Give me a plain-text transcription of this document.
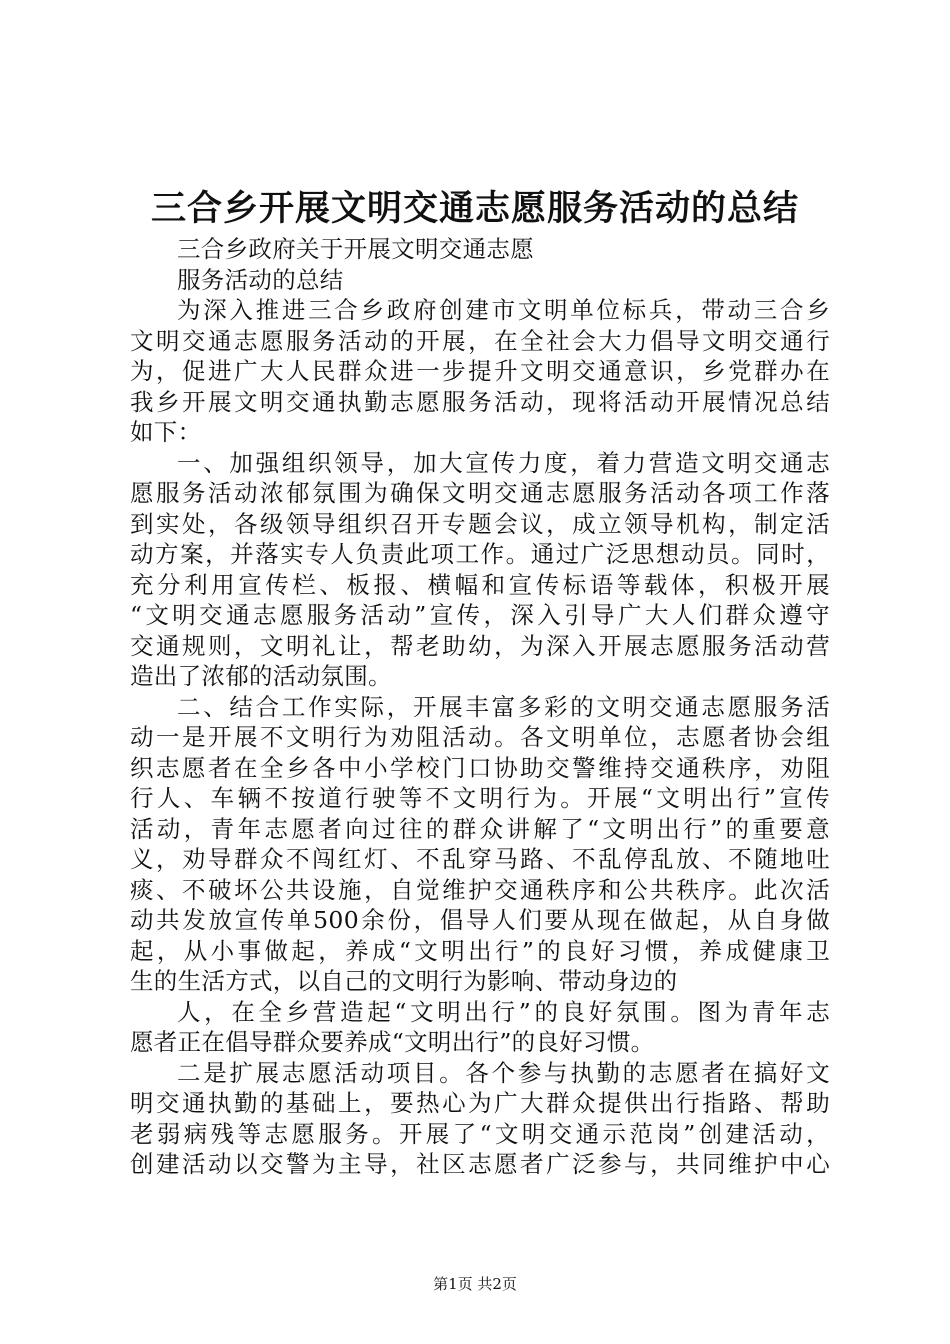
三合乡开展文明交通志愿服务活动的总结
三合乡政府关于开展文明交通志愿
服务活动的总结
为深入推进三合乡政府创建市文明单位标兵，带动三合乡
文明交通志愿服务活动的开展，在全社会大力倡导文明交通行
为，促进广大人民群众进一步提升文明交通意识，乡党群办在
我乡开展文明交通执勤志愿服务活动，现将活动开展情况总结
如下：
一、加强组织领导，加大宣传力度，着力营造文明交通志
愿服务活动浓郁氛围为确保文明交通志愿服务活动各项工作落
到实处，各级领导组织召开专题会议，成立领导机构，制定活
动方案，并落实专人负责此项工作。通过广泛思想动员。同时，
充分利用宣传栏、板报、横幅和宣传标语等载体，积极开展
“文明交通志愿服务活动”宣传，深入引导广大人们群众遵守
交通规则，文明礼让，帮老助幼，为深入开展志愿服务活动营
造出了浓郁的活动氛围。
二、结合工作实际，开展丰富多彩的文明交通志愿服务活
动一是开展不文明行为劝阻活动。各文明单位，志愿者协会组
织志愿者在全乡各中小学校门口协助交警维持交通秩序，劝阻
行人、车辆不按道行驶等不文明行为。开展“文明出行”宣传
活动，青年志愿者向过往的群众讲解了“文明出行”的重要意
义，劝导群众不闯红灯、不乱穿马路、不乱停乱放、不随地吐
痰、不破坏公共设施，自觉维护交通秩序和公共秩序。此次活
动共发放宣传单500余份，倡导人们要从现在做起，从自身做
起，从小事做起，养成“文明出行”的良好习惯，养成健康卫
生的生活方式，以自己的文明行为影响、带动身边的
人，在全乡营造起“文明出行”的良好氛围。图为青年志
愿者正在倡导群众要养成“文明出行”的良好习惯。
二是扩展志愿活动项目。各个参与执勤的志愿者在搞好文
明交通执勤的基础上，要热心为广大群众提供出行指路、帮助
老弱病残等志愿服务。开展了“文明交通示范岗”创建活动，
创建活动以交警为主导，社区志愿者广泛参与，共同维护中心
第1页 共2页
